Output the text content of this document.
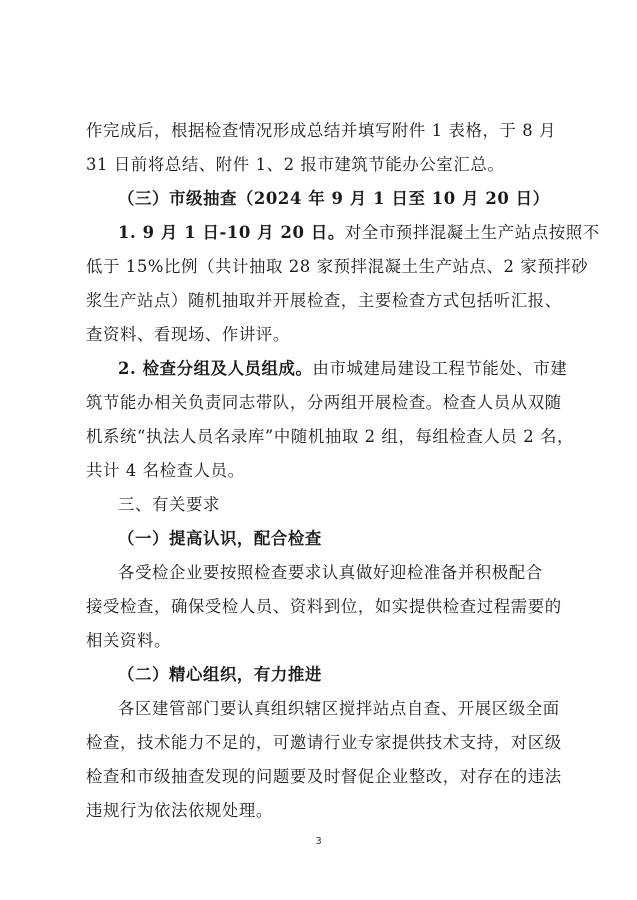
作完成后，根据检查情况形成总结并填写附件 1 表格，于 8 月
31 日前将总结、附件 1、2 报市建筑节能办公室汇总。
（三）市级抽查（2024 年 9 月 1 日至 10 月 20 日）
1. 9 月 1 日-10 月 20 日。对全市预拌混凝土生产站点按照不
低于 15%比例（共计抽取 28 家预拌混凝土生产站点、2 家预拌砂
浆生产站点）随机抽取并开展检查，主要检查方式包括听汇报、
查资料、看现场、作讲评。
2. 检查分组及人员组成。由市城建局建设工程节能处、市建
筑节能办相关负责同志带队，分两组开展检查。检查人员从双随
机系统“执法人员名录库”中随机抽取 2 组，每组检查人员 2 名，
共计 4 名检查人员。
三、有关要求
（一）提高认识，配合检查
各受检企业要按照检查要求认真做好迎检准备并积极配合
接受检查，确保受检人员、资料到位，如实提供检查过程需要的
相关资料。
（二）精心组织，有力推进
各区建管部门要认真组织辖区搅拌站点自查、开展区级全面
检查，技术能力不足的，可邀请行业专家提供技术支持，对区级
检查和市级抽查发现的问题要及时督促企业整改，对存在的违法
违规行为依法依规处理。
3
